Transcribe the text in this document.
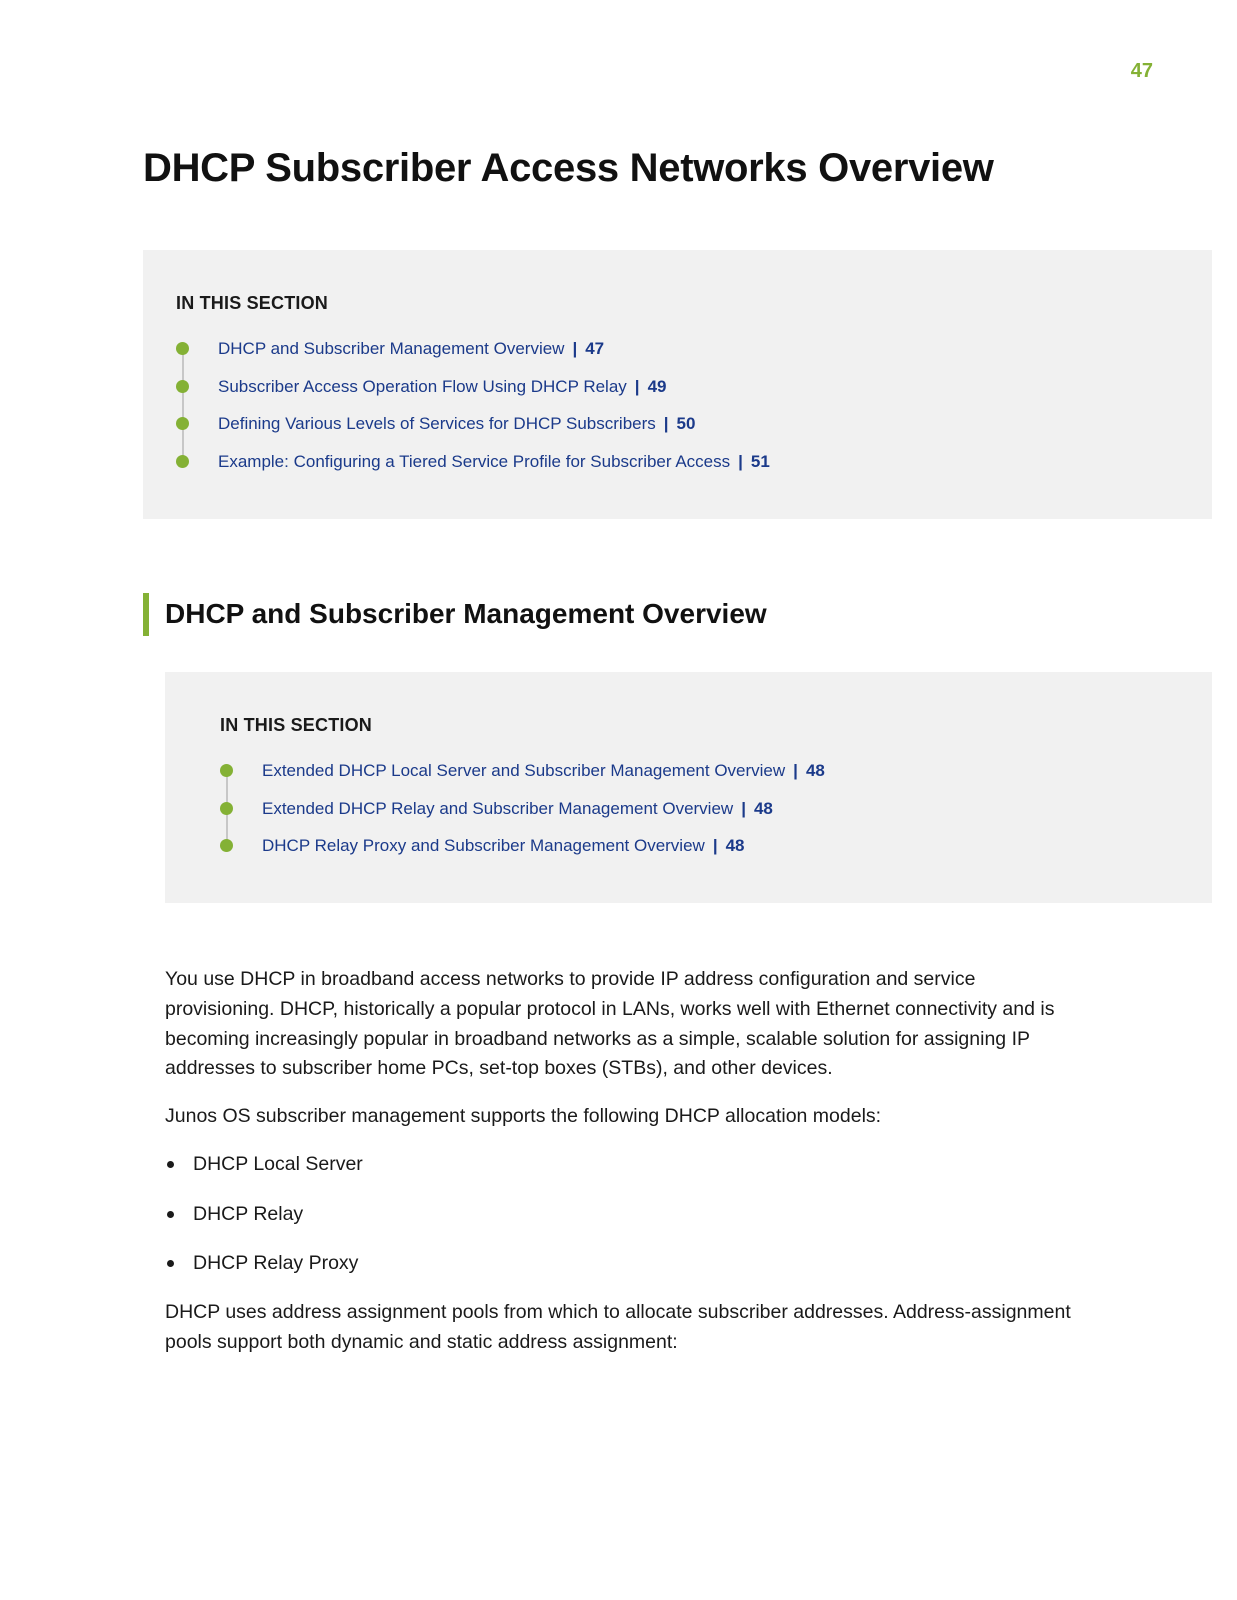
47
DHCP Subscriber Access Networks Overview
IN THIS SECTION
DHCP and Subscriber Management Overview | 47
Subscriber Access Operation Flow Using DHCP Relay | 49
Defining Various Levels of Services for DHCP Subscribers | 50
Example: Configuring a Tiered Service Profile for Subscriber Access | 51
DHCP and Subscriber Management Overview
IN THIS SECTION
Extended DHCP Local Server and Subscriber Management Overview | 48
Extended DHCP Relay and Subscriber Management Overview | 48
DHCP Relay Proxy and Subscriber Management Overview | 48

You use DHCP in broadband access networks to provide IP address configuration and service provisioning. DHCP, historically a popular protocol in LANs, works well with Ethernet connectivity and is becoming increasingly popular in broadband networks as a simple, scalable solution for assigning IP addresses to subscriber home PCs, set-top boxes (STBs), and other devices.

Junos OS subscriber management supports the following DHCP allocation models:

DHCP Local Server
DHCP Relay
DHCP Relay Proxy

DHCP uses address assignment pools from which to allocate subscriber addresses. Address-assignment pools support both dynamic and static address assignment:
